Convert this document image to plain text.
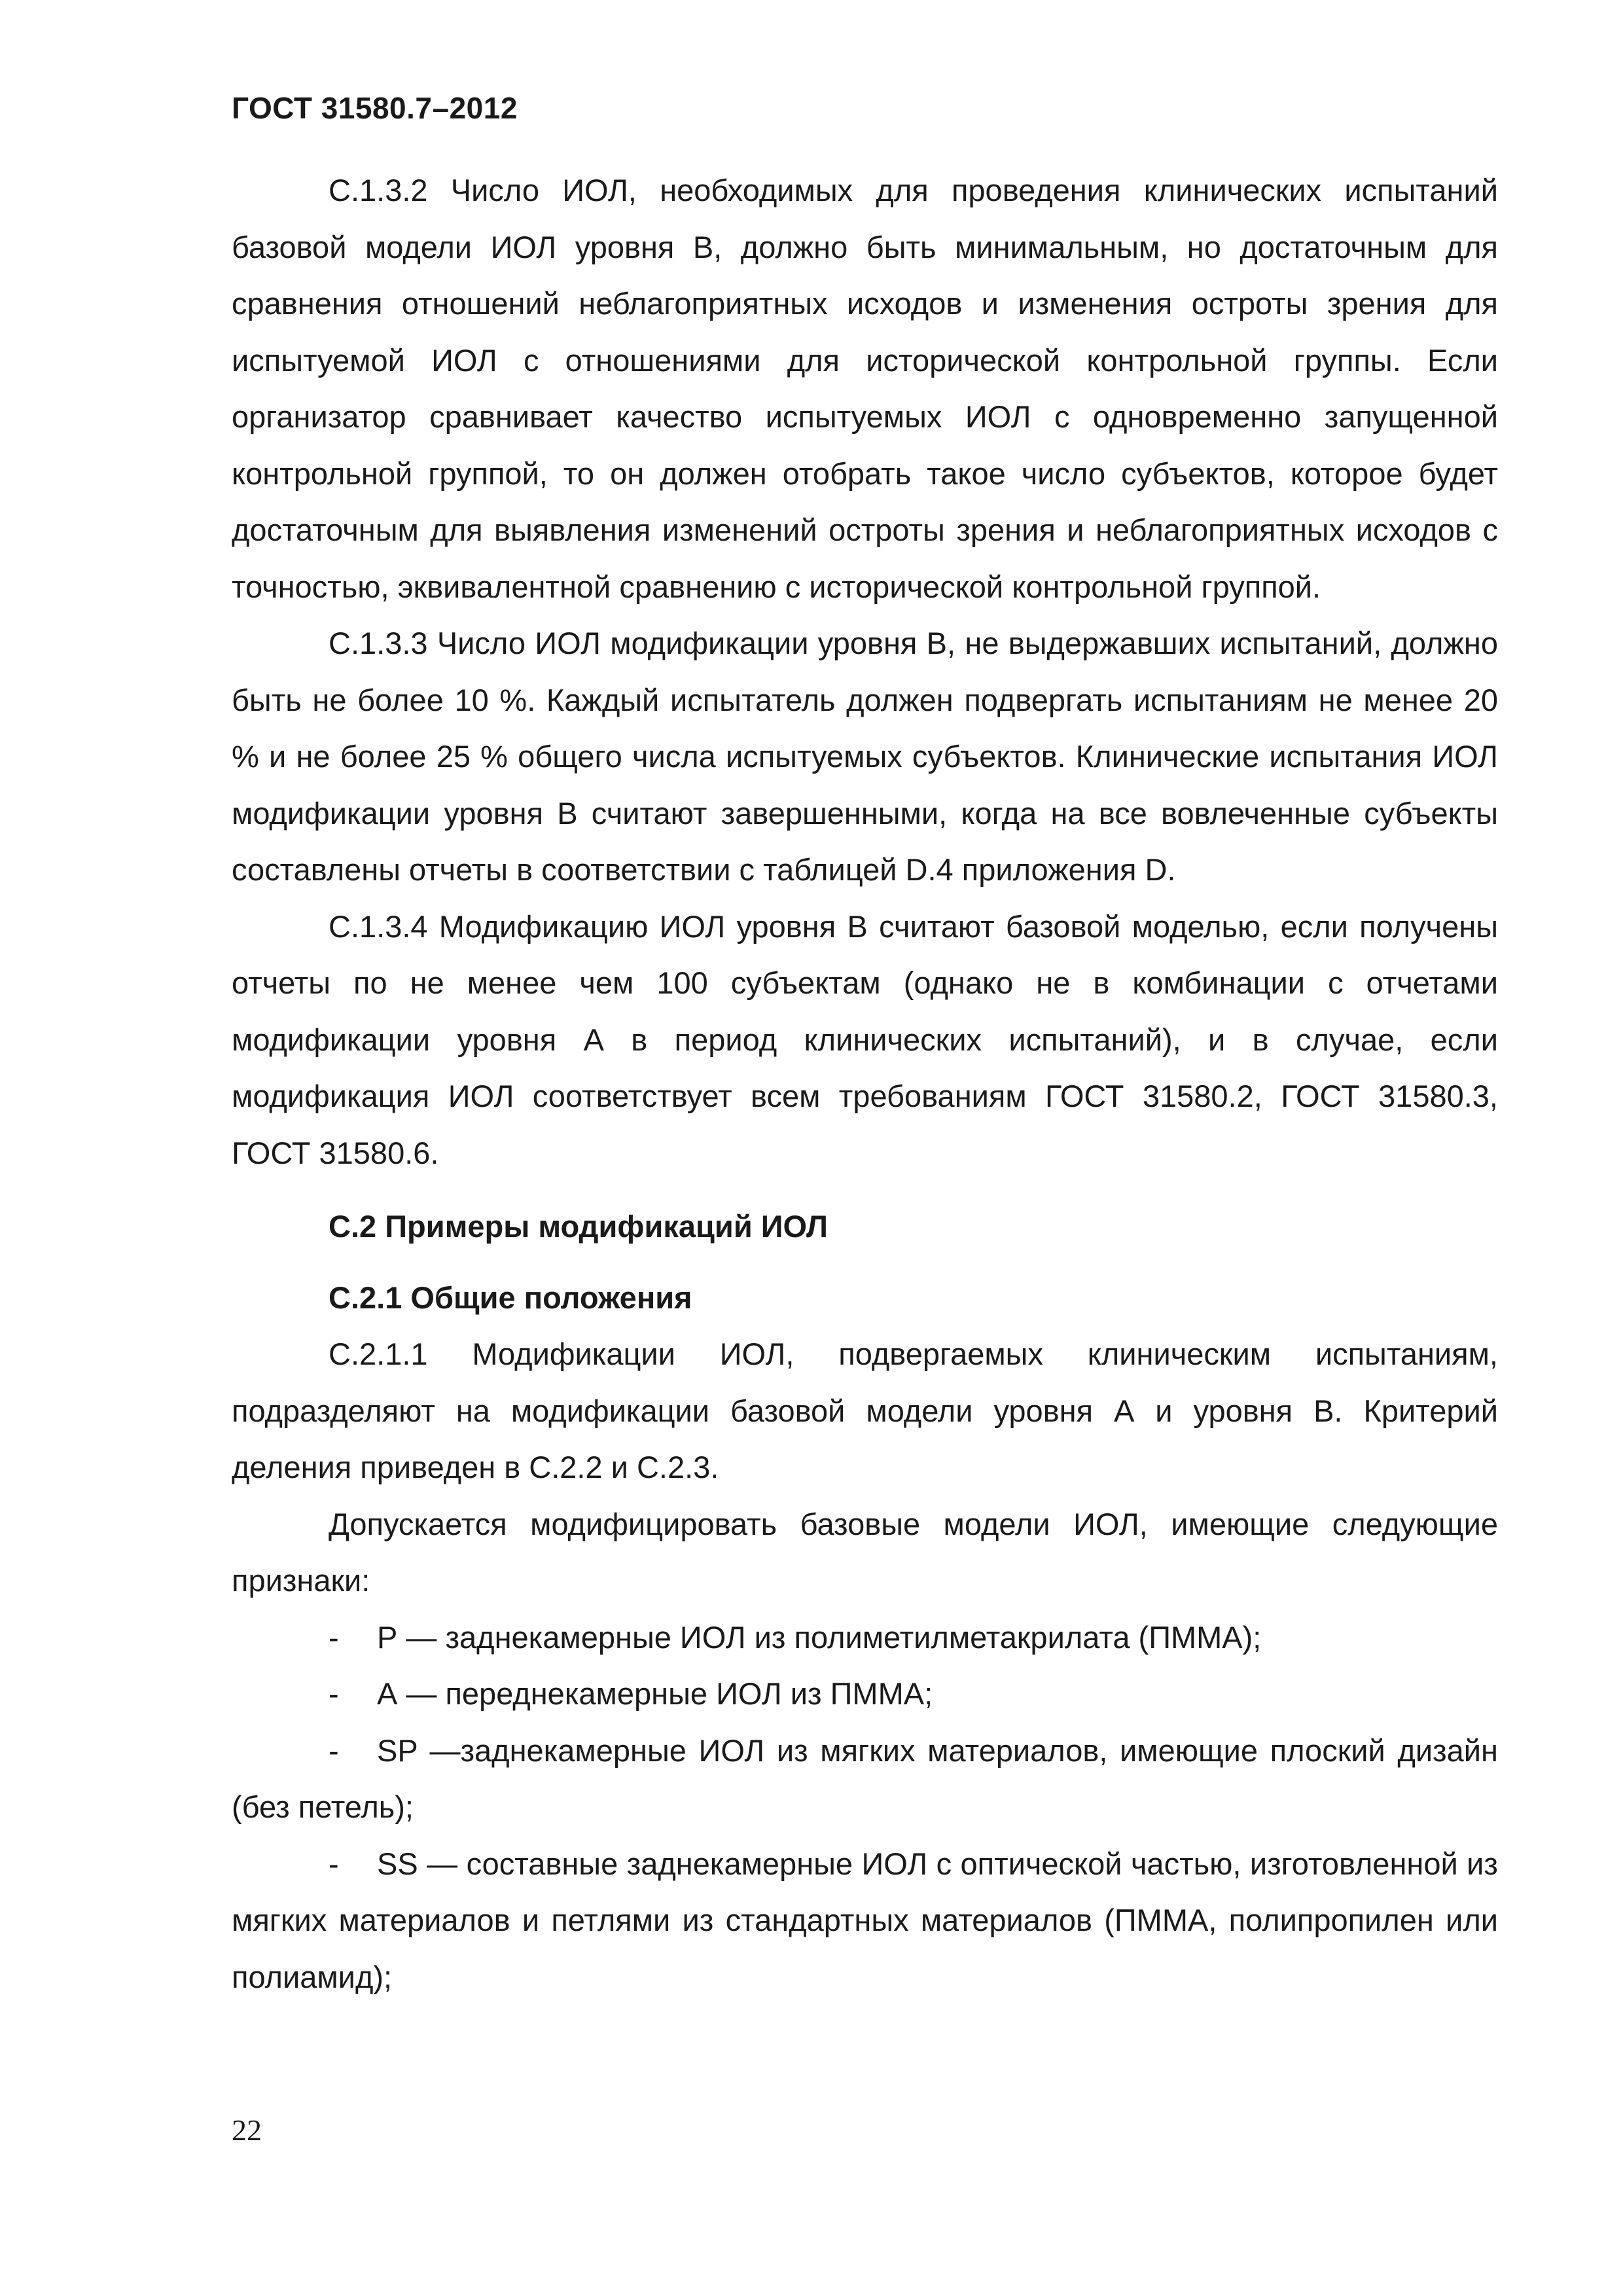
ГОСТ 31580.7–2012

С.1.3.2 Число ИОЛ, необходимых для проведения клинических испытаний базовой модели ИОЛ уровня В, должно быть минимальным, но достаточным для сравнения отношений неблагоприятных исходов и изменения остроты зрения для испытуемой ИОЛ с отношениями для исторической контрольной группы. Если организатор сравнивает качество испытуемых ИОЛ с одновременно запущенной контрольной группой, то он должен отобрать такое число субъектов, которое будет достаточным для выявления изменений остроты зрения и неблагоприятных исходов с точностью, эквивалентной сравнению с исторической контрольной группой.

С.1.3.3 Число ИОЛ модификации уровня В, не выдержавших испытаний, должно быть не более 10 %. Каждый испытатель должен подвергать испытаниям не менее 20 % и не более 25 % общего числа испытуемых субъектов. Клинические испытания ИОЛ модификации уровня В считают завершенными, когда на все вовлеченные субъекты составлены отчеты в соответствии с таблицей D.4 приложения D.

С.1.3.4 Модификацию ИОЛ уровня В считают базовой моделью, если получены отчеты по не менее чем 100 субъектам (однако не в комбинации с отчетами модификации уровня А в период клинических испытаний), и в случае, если модификация ИОЛ соответствует всем требованиям ГОСТ 31580.2, ГОСТ 31580.3, ГОСТ 31580.6.

С.2 Примеры модификаций ИОЛ

С.2.1 Общие положения

С.2.1.1 Модификации ИОЛ, подвергаемых клиническим испытаниям, подразделяют на модификации базовой модели уровня А и уровня В. Критерий деления приведен в С.2.2 и С.2.3.

Допускается модифицировать базовые модели ИОЛ, имеющие следующие признаки:

- Р — заднекамерные ИОЛ из полиметилметакрилата (ПММА);

- А — переднекамерные ИОЛ из ПММА;

- SP —заднекамерные ИОЛ из мягких материалов, имеющие плоский дизайн (без петель);

- SS — составные заднекамерные ИОЛ с оптической частью, изготовленной из мягких материалов и петлями из стандартных материалов (ПММА, полипропилен или полиамид);

22
